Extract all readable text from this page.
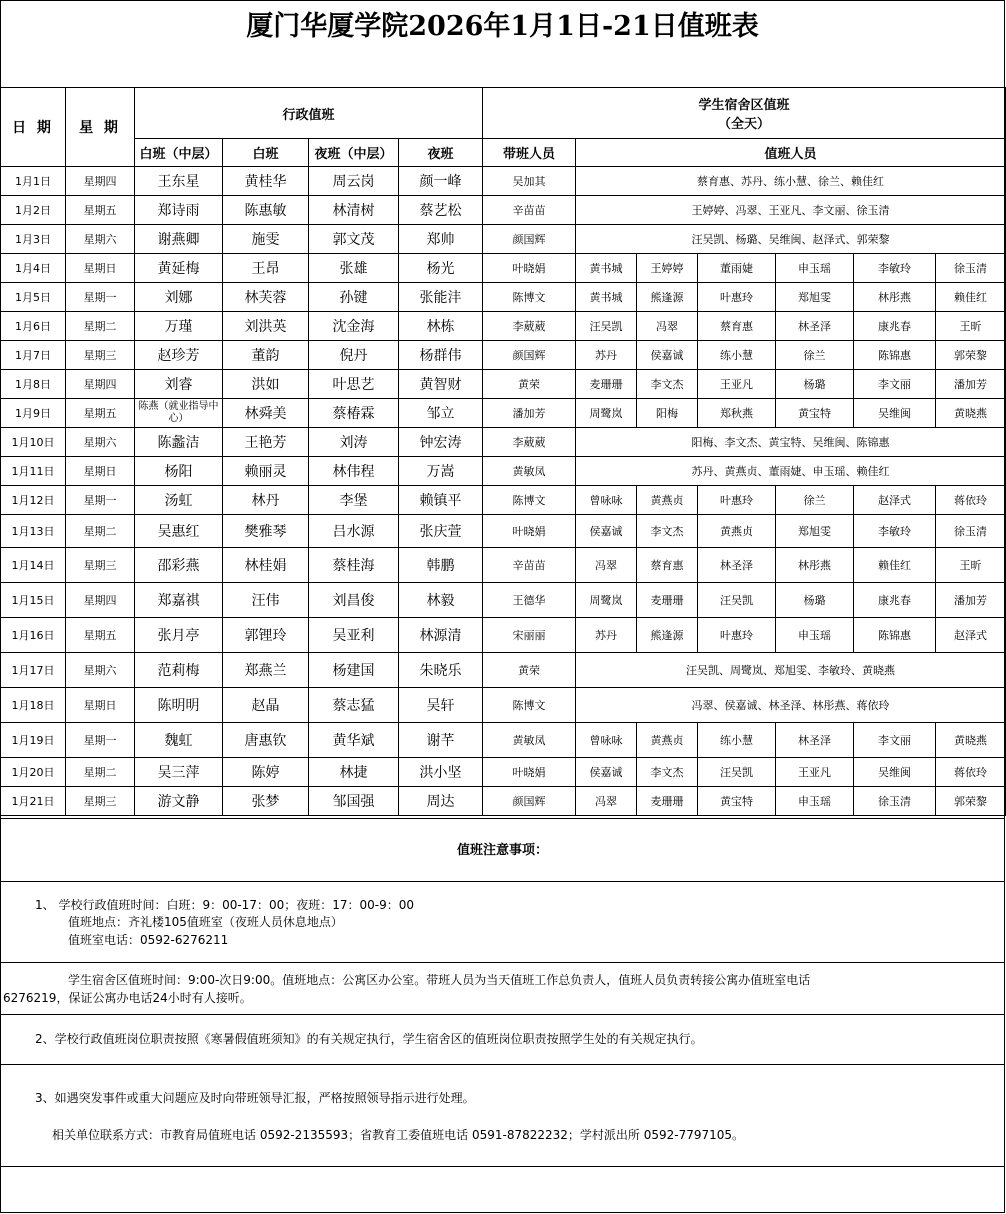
厦门华厦学院2026年1月1日-21日值班表
日 期	星 期	行政值班				学生宿舍区值班
（全天）						

		白班（中层）	白班	夜班（中层）	夜班	带班人员	值班人员					
1月1日	星期四	王东星	黄桂华	周云岗	颜一峰	吴加其	蔡育惠、苏丹、练小慧、徐兰、赖佳红					
1月2日	星期五	郑诗雨	陈惠敏	林清树	蔡艺松	辛苗苗	王婷婷、冯翠、王亚凡、李文丽、徐玉清					
1月3日	星期六	谢燕卿	施雯	郭文茂	郑帅	颜国辉	汪吴凯、杨璐、吴维闽、赵泽式、郭荣黎					
1月4日	星期日	黄延梅	王昂	张雄	杨光	叶晓娟	黄书城	王婷婷	董雨婕	申玉瑶	李敏玲	徐玉清
1月5日	星期一	刘娜	林芙蓉	孙键	张能沣	陈博文	黄书城	熊逢源	叶惠玲	郑旭雯	林彤燕	赖佳红
1月6日	星期二	万瑾	刘洪英	沈金海	林栋	李葳葳	汪吴凯	冯翠	蔡育惠	林圣泽	康兆春	王昕
1月7日	星期三	赵珍芳	董韵	倪丹	杨群伟	颜国辉	苏丹	侯嘉诚	练小慧	徐兰	陈锦惠	郭荣黎
1月8日	星期四	刘睿	洪如	叶思艺	黄智财	黄荣	麦珊珊	李文杰	王亚凡	杨璐	李文丽	潘加芳
1月9日	星期五	陈燕（就业指导中心）	林舜美	蔡椿霖	邹立	潘加芳	周鹭岚	阳梅	郑秋燕	黄宝特	吴维闽	黄晓燕
1月10日	星期六	陈蠡洁	王艳芳	刘涛	钟宏涛	李葳葳	阳梅、李文杰、黄宝特、吴维闽、陈锦惠					
1月11日	星期日	杨阳	赖丽灵	林伟程	万嵩	黄敏凤	苏丹、黄燕贞、董雨婕、申玉瑶、赖佳红					
1月12日	星期一	汤虹	林丹	李堡	赖镇平	陈博文	曾咏咏	黄燕贞	叶惠玲	徐兰	赵泽式	蒋依玲
1月13日	星期二	吴惠红	樊雅琴	吕水源	张庆萱	叶晓娟	侯嘉诚	李文杰	黄燕贞	郑旭雯	李敏玲	徐玉清
1月14日	星期三	邵彩燕	林桂娟	蔡桂海	韩鹏	辛苗苗	冯翠	蔡育惠	林圣泽	林彤燕	赖佳红	王昕
1月15日	星期四	郑嘉祺	汪伟	刘昌俊	林毅	王德华	周鹭岚	麦珊珊	汪吴凯	杨璐	康兆春	潘加芳
1月16日	星期五	张月亭	郭锂玲	吴亚利	林源清	宋丽丽	苏丹	熊逢源	叶惠玲	申玉瑶	陈锦惠	赵泽式
1月17日	星期六	范莉梅	郑燕兰	杨建国	朱晓乐	黄荣	汪吴凯、周鹭岚、郑旭雯、李敏玲、黄晓燕					
1月18日	星期日	陈明明	赵晶	蔡志猛	吴轩	陈博文	冯翠、侯嘉诚、林圣泽、林彤燕、蒋依玲					
1月19日	星期一	魏虹	唐惠钦	黄华斌	谢芊	黄敏凤	曾咏咏	黄燕贞	练小慧	林圣泽	李文丽	黄晓燕
1月20日	星期二	吴三萍	陈婷	林捷	洪小坚	叶晓娟	侯嘉诚	李文杰	汪吴凯	王亚凡	吴维闽	蒋依玲
1月21日	星期三	游文静	张梦	邹国强	周达	颜国辉	冯翠	麦珊珊	黄宝特	申玉瑶	徐玉清	郭荣黎
值班注意事项：
1、 学校行政值班时间：白班：9：00-17：00；夜班：17：00-9：00
值班地点：齐礼楼105值班室（夜班人员休息地点）
值班室电话：0592-6276211
学生宿舍区值班时间：9:00-次日9:00。值班地点：公寓区办公室。带班人员为当天值班工作总负责人，值班人员负责转接公寓办值班室电话
6276219，保证公寓办电话24小时有人接听。
2、学校行政值班岗位职责按照《寒暑假值班须知》的有关规定执行，学生宿舍区的值班岗位职责按照学生处的有关规定执行。
3、如遇突发事件或重大问题应及时向带班领导汇报，严格按照领导指示进行处理。
相关单位联系方式：市教育局值班电话 0592-2135593；省教育工委值班电话 0591-87822232；学村派出所 0592-7797105。
